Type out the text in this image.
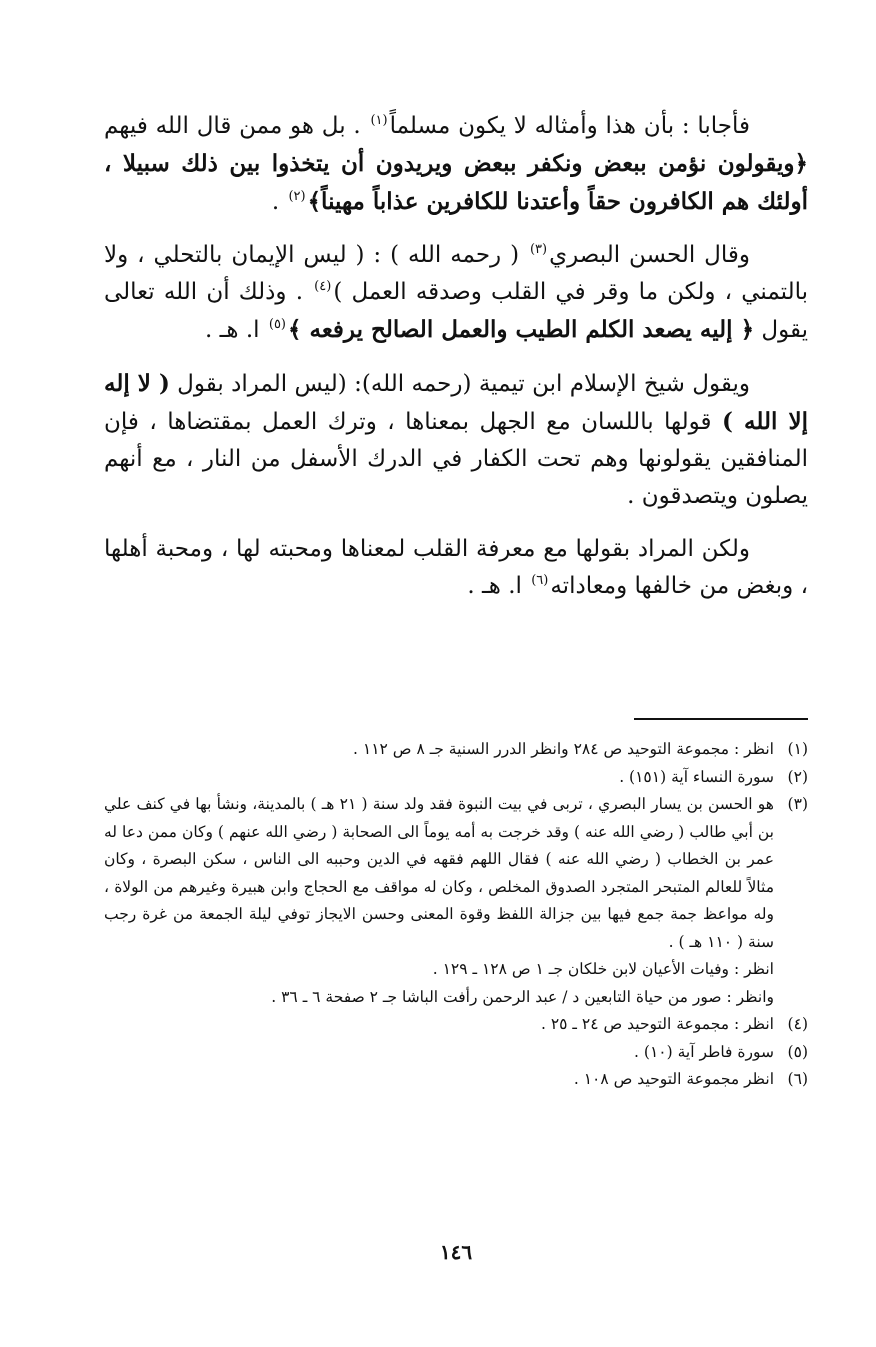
فأجابا : بأن هذا وأمثاله لا يكون مسلماً$^{(١)}$ . بل هو ممن قال الله فيهم ﴿ويقولون نؤمن ببعض ونكفر ببعض ويريدون أن يتخذوا بين ذلك سبيلا ، أولئك هم الكافرون حقاً وأعتدنا للكافرين عذاباً مهيناً﴾$^{(٢)}$ .

وقال الحسن البصري$^{(٣)}$ ( رحمه الله ) : ( ليس الإيمان بالتحلي ، ولا بالتمني ، ولكن ما وقر في القلب وصدقه العمل )$^{(٤)}$ . وذلك أن الله تعالى يقول ﴿ إليه يصعد الكلم الطيب والعمل الصالح يرفعه ﴾$^{(٥)}$ ا. هـ .

ويقول شيخ الإسلام ابن تيمية (رحمه الله): (ليس المراد بقول ( لا إله إلا الله ) قولها باللسان مع الجهل بمعناها ، وترك العمل بمقتضاها ، فإن المنافقين يقولونها وهم تحت الكفار في الدرك الأسفل من النار ، مع أنهم يصلون ويتصدقون .

ولكن المراد بقولها مع معرفة القلب لمعناها ومحبته لها ، ومحبة أهلها ، وبغض من خالفها ومعاداته$^{(٦)}$ ا. هـ .

(١)
انظر : مجموعة التوحيد ص ٢٨٤ وانظر الدرر السنية جـ ٨ ص ١١٢ .
(٢)
سورة النساء آية (١٥١) .
(٣)
هو الحسن بن يسار البصري ، تربى في بيت النبوة فقد ولد سنة ( ٢١ هـ ) بالمدينة، ونشأ بها في كنف علي بن أبي طالب ( رضي الله عنه ) وقد خرجت به أمه يوماً الى الصحابة ( رضي الله عنهم ) وكان ممن دعا له عمر بن الخطاب ( رضي الله عنه ) فقال اللهم فقهه في الدين وحببه الى الناس ، سكن البصرة ، وكان مثالاً للعالم المتبحر المتجرد الصدوق المخلص ، وكان له مواقف مع الحجاج وابن هبيرة وغيرهم من الولاة ، وله مواعظ جمة جمع فيها بين جزالة اللفظ وقوة المعنى وحسن الايجاز توفي ليلة الجمعة من غرة رجب سنة ( ١١٠ هـ ) .
انظر : وفيات الأعيان لابن خلكان جـ ١ ص ١٢٨ ـ ١٢٩ .
وانظر : صور من حياة التابعين د / عبد الرحمن رأفت الباشا جـ ٢ صفحة ٦ ـ ٣٦ .
(٤)
انظر : مجموعة التوحيد ص ٢٤ ـ ٢٥ .
(٥)
سورة فاطر آية (١٠) .
(٦)
انظر مجموعة التوحيد ص ١٠٨ .
١٤٦
